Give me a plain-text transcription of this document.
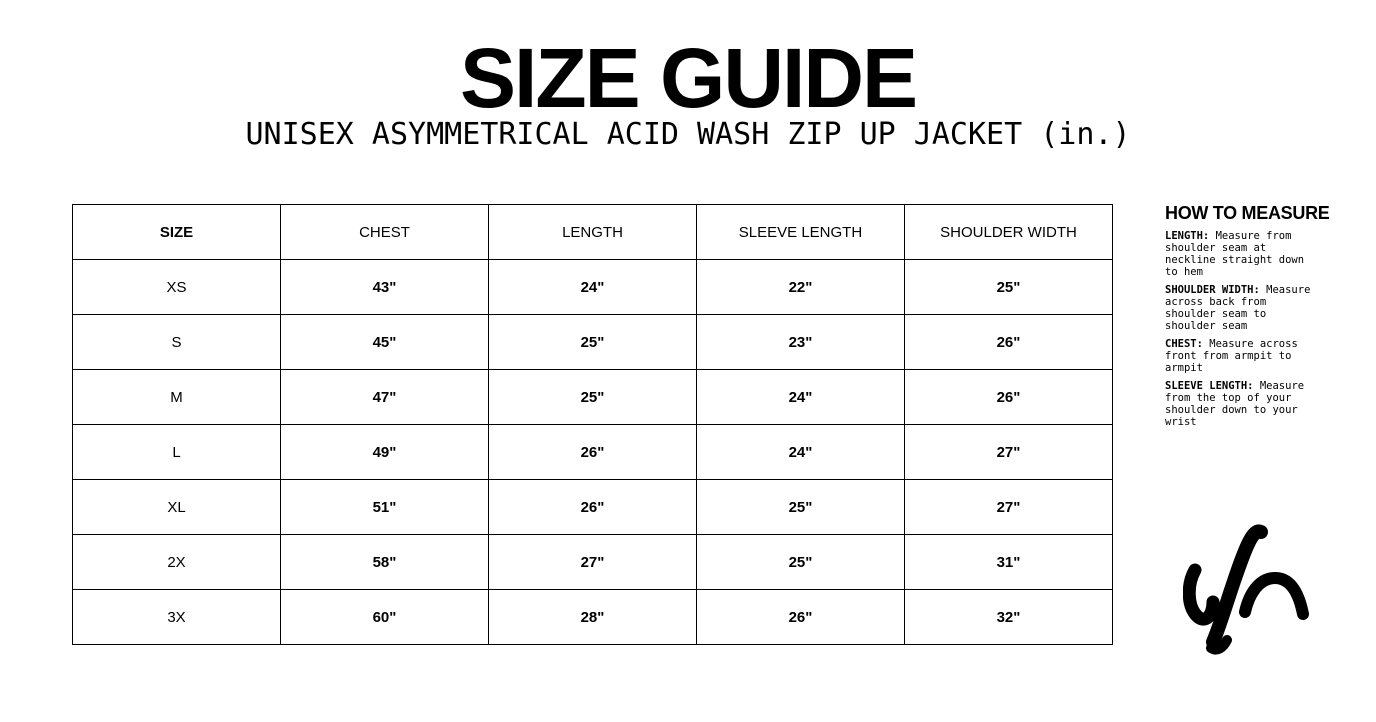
SIZE GUIDE
UNISEX ASYMMETRICAL ACID WASH ZIP UP JACKET (in.)
SIZE	CHEST	LENGTH	SLEEVE LENGTH	SHOULDER WIDTH
XS	43"	24"	22"	25"
S	45"	25"	23"	26"
M	47"	25"	24"	26"
L	49"	26"	24"	27"
XL	51"	26"	25"	27"
2X	58"	27"	25"	31"
3X	60"	28"	26"	32"
HOW TO MEASURE

LENGTH: Measure from shoulder seam at neckline straight down to hem

SHOULDER WIDTH: Measure across back from shoulder seam to shoulder seam

CHEST: Measure across front from armpit to armpit

SLEEVE LENGTH: Measure from the top of your shoulder down to your wrist
